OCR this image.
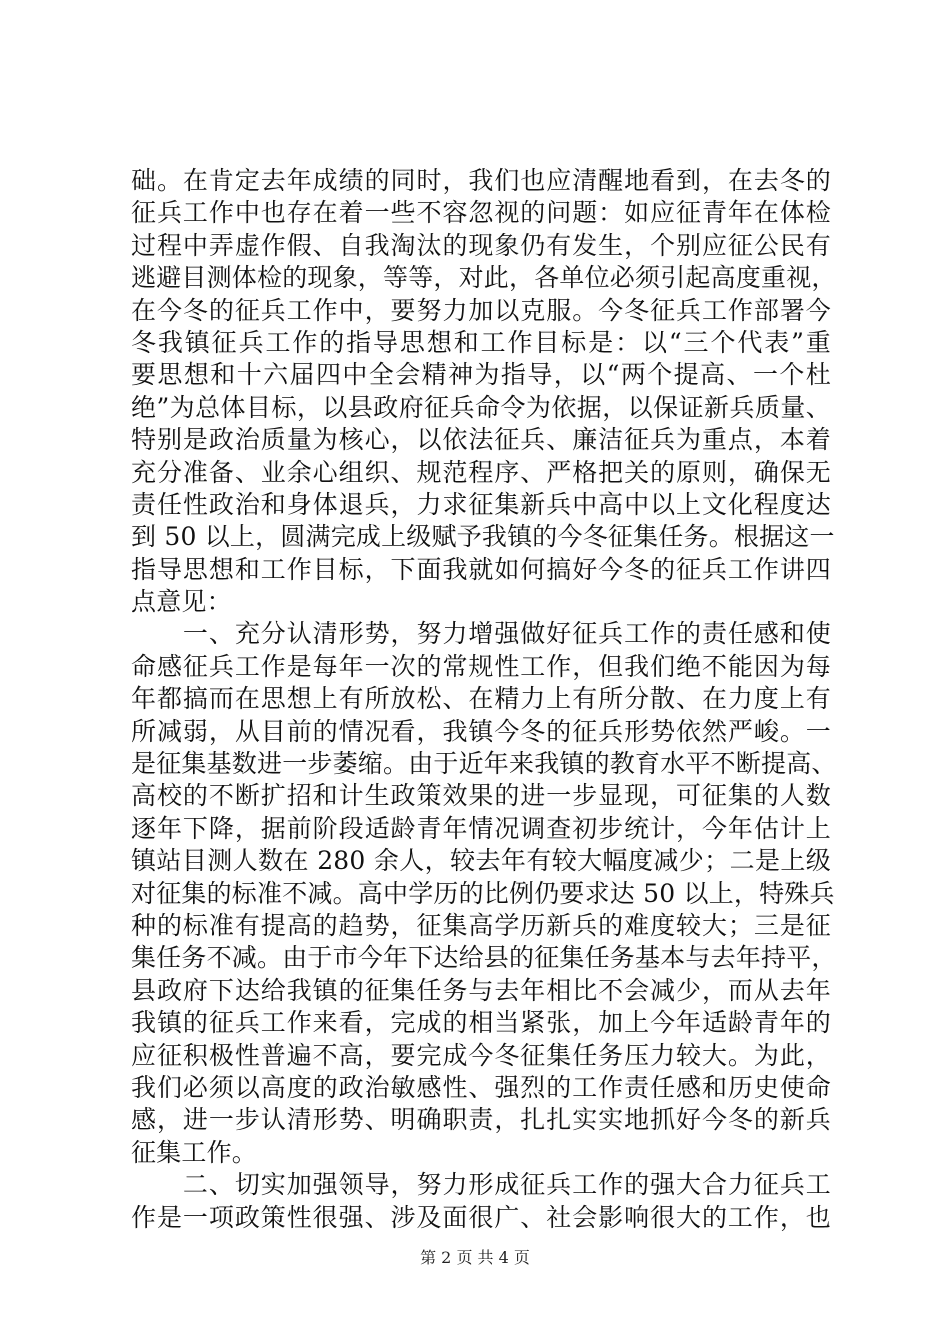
础。在肯定去年成绩的同时，我们也应清醒地看到，在去冬的
征兵工作中也存在着一些不容忽视的问题：如应征青年在体检
过程中弄虚作假、自我淘汰的现象仍有发生，个别应征公民有
逃避目测体检的现象，等等，对此，各单位必须引起高度重视，
在今冬的征兵工作中，要努力加以克服。今冬征兵工作部署今
冬我镇征兵工作的指导思想和工作目标是：以“三个代表”重
要思想和十六届四中全会精神为指导，以“两个提高、一个杜
绝”为总体目标，以县政府征兵命令为依据，以保证新兵质量、
特别是政治质量为核心，以依法征兵、廉洁征兵为重点，本着
充分准备、业余心组织、规范程序、严格把关的原则，确保无
责任性政治和身体退兵，力求征集新兵中高中以上文化程度达
到 50 以上，圆满完成上级赋予我镇的今冬征集任务。根据这一
指导思想和工作目标，下面我就如何搞好今冬的征兵工作讲四
点意见：
　　一、充分认清形势，努力增强做好征兵工作的责任感和使
命感征兵工作是每年一次的常规性工作，但我们绝不能因为每
年都搞而在思想上有所放松、在精力上有所分散、在力度上有
所减弱，从目前的情况看，我镇今冬的征兵形势依然严峻。一
是征集基数进一步萎缩。由于近年来我镇的教育水平不断提高、
高校的不断扩招和计生政策效果的进一步显现，可征集的人数
逐年下降，据前阶段适龄青年情况调查初步统计，今年估计上
镇站目测人数在 280 余人，较去年有较大幅度减少；二是上级
对征集的标准不减。高中学历的比例仍要求达 50 以上，特殊兵
种的标准有提高的趋势，征集高学历新兵的难度较大；三是征
集任务不减。由于市今年下达给县的征集任务基本与去年持平，
县政府下达给我镇的征集任务与去年相比不会减少，而从去年
我镇的征兵工作来看，完成的相当紧张，加上今年适龄青年的
应征积极性普遍不高，要完成今冬征集任务压力较大。为此，
我们必须以高度的政治敏感性、强烈的工作责任感和历史使命
感，进一步认清形势、明确职责，扎扎实实地抓好今冬的新兵
征集工作。
　　二、切实加强领导，努力形成征兵工作的强大合力征兵工
作是一项政策性很强、涉及面很广、社会影响很大的工作，也
第 2 页 共 4 页
